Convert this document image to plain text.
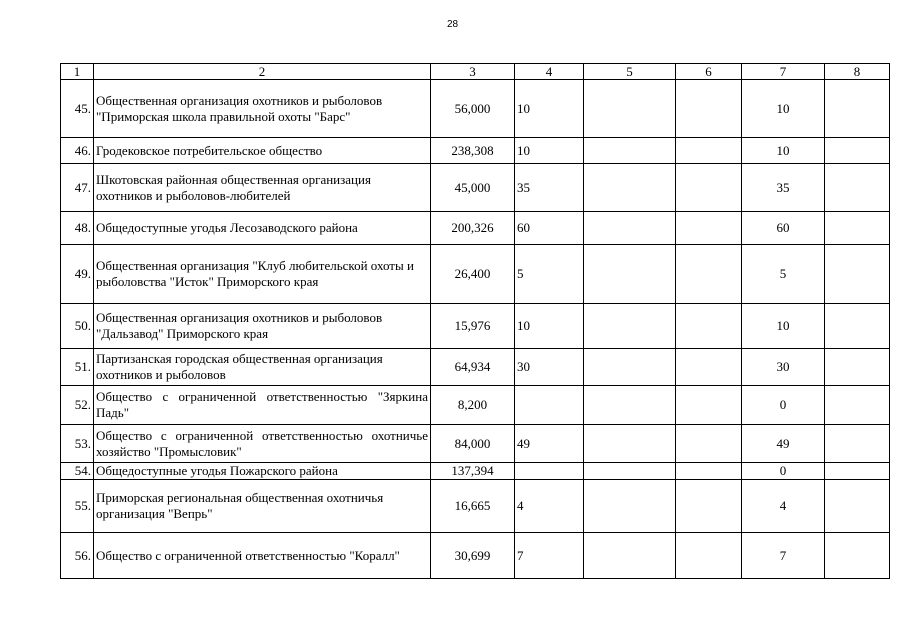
28
1	2	3	4	5	6	7	8
45.	Общественная организация охотников и рыболовов "Приморская школа правильной охоты "Барс"	56,000	10			10	
46.	Гродековское потребительское общество	238,308	10			10	
47.	Шкотовская районная общественная организация охотников и рыболовов-любителей	45,000	35			35	
48.	Общедоступные угодья Лесозаводского района	200,326	60			60	
49.	Общественная организация "Клуб любительской охоты и рыболовства "Исток" Приморского края	26,400	5			5	
50.	Общественная организация охотников и рыболовов "Дальзавод" Приморского края	15,976	10			10	
51.	Партизанская городская общественная организация охотников и рыболовов	64,934	30			30	
52.	Общество с ограниченной ответственностью "Зяркина Падь"	8,200				0	
53.	Общество с ограниченной ответственностью охотничье хозяйство "Промысловик"	84,000	49			49	
54.	Общедоступные угодья Пожарского района	137,394				0	
55.	Приморская региональная общественная охотничья организация "Вепрь"	16,665	4			4	
56.	Общество с ограниченной ответственностью "Коралл"	30,699	7			7	
